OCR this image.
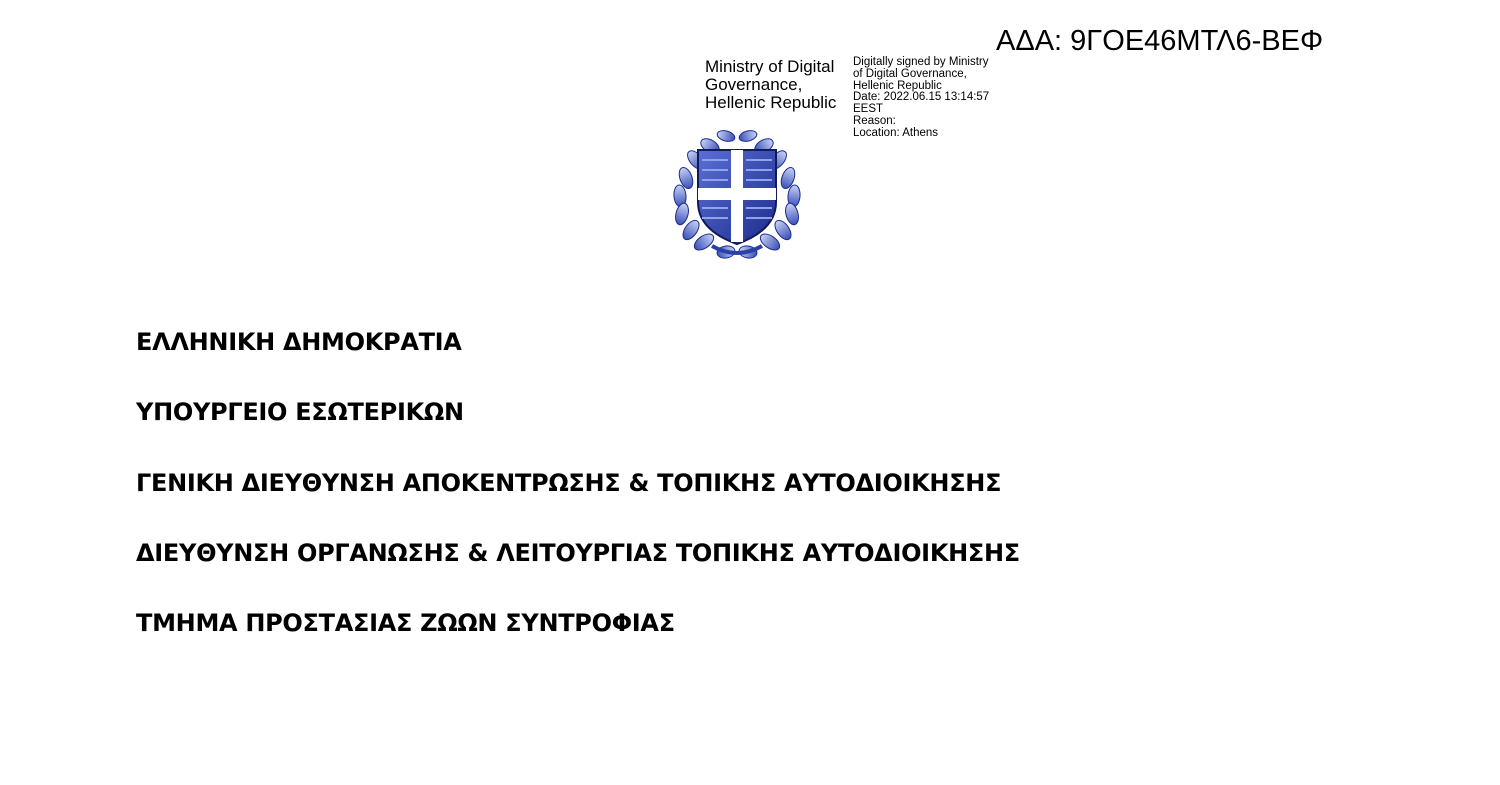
ΑΔΑ: 9ΓΟΕ46ΜΤΛ6-ΒΕΦ
Ministry of Digital
Governance,
Hellenic Republic
Digitally signed by Ministry
of Digital Governance,
Hellenic Republic
Date: 2022.06.15 13:14:57
EEST
Reason:
Location: Athens
ΕΛΛΗΝΙΚΗ ΔΗΜΟΚΡΑΤΙΑ
ΥΠΟΥΡΓΕΙΟ ΕΣΩΤΕΡΙΚΩΝ
ΓΕΝΙΚΗ ΔΙΕΥΘΥΝΣΗ ΑΠΟΚΕΝΤΡΩΣΗΣ & ΤΟΠΙΚΗΣ ΑΥΤΟΔΙΟΙΚΗΣΗΣ
ΔΙΕΥΘΥΝΣΗ ΟΡΓΑΝΩΣΗΣ & ΛΕΙΤΟΥΡΓΙΑΣ ΤΟΠΙΚΗΣ ΑΥΤΟΔΙΟΙΚΗΣΗΣ
ΤΜΗΜΑ ΠΡΟΣΤΑΣΙΑΣ ΖΩΩΝ ΣΥΝΤΡΟΦΙΑΣ
